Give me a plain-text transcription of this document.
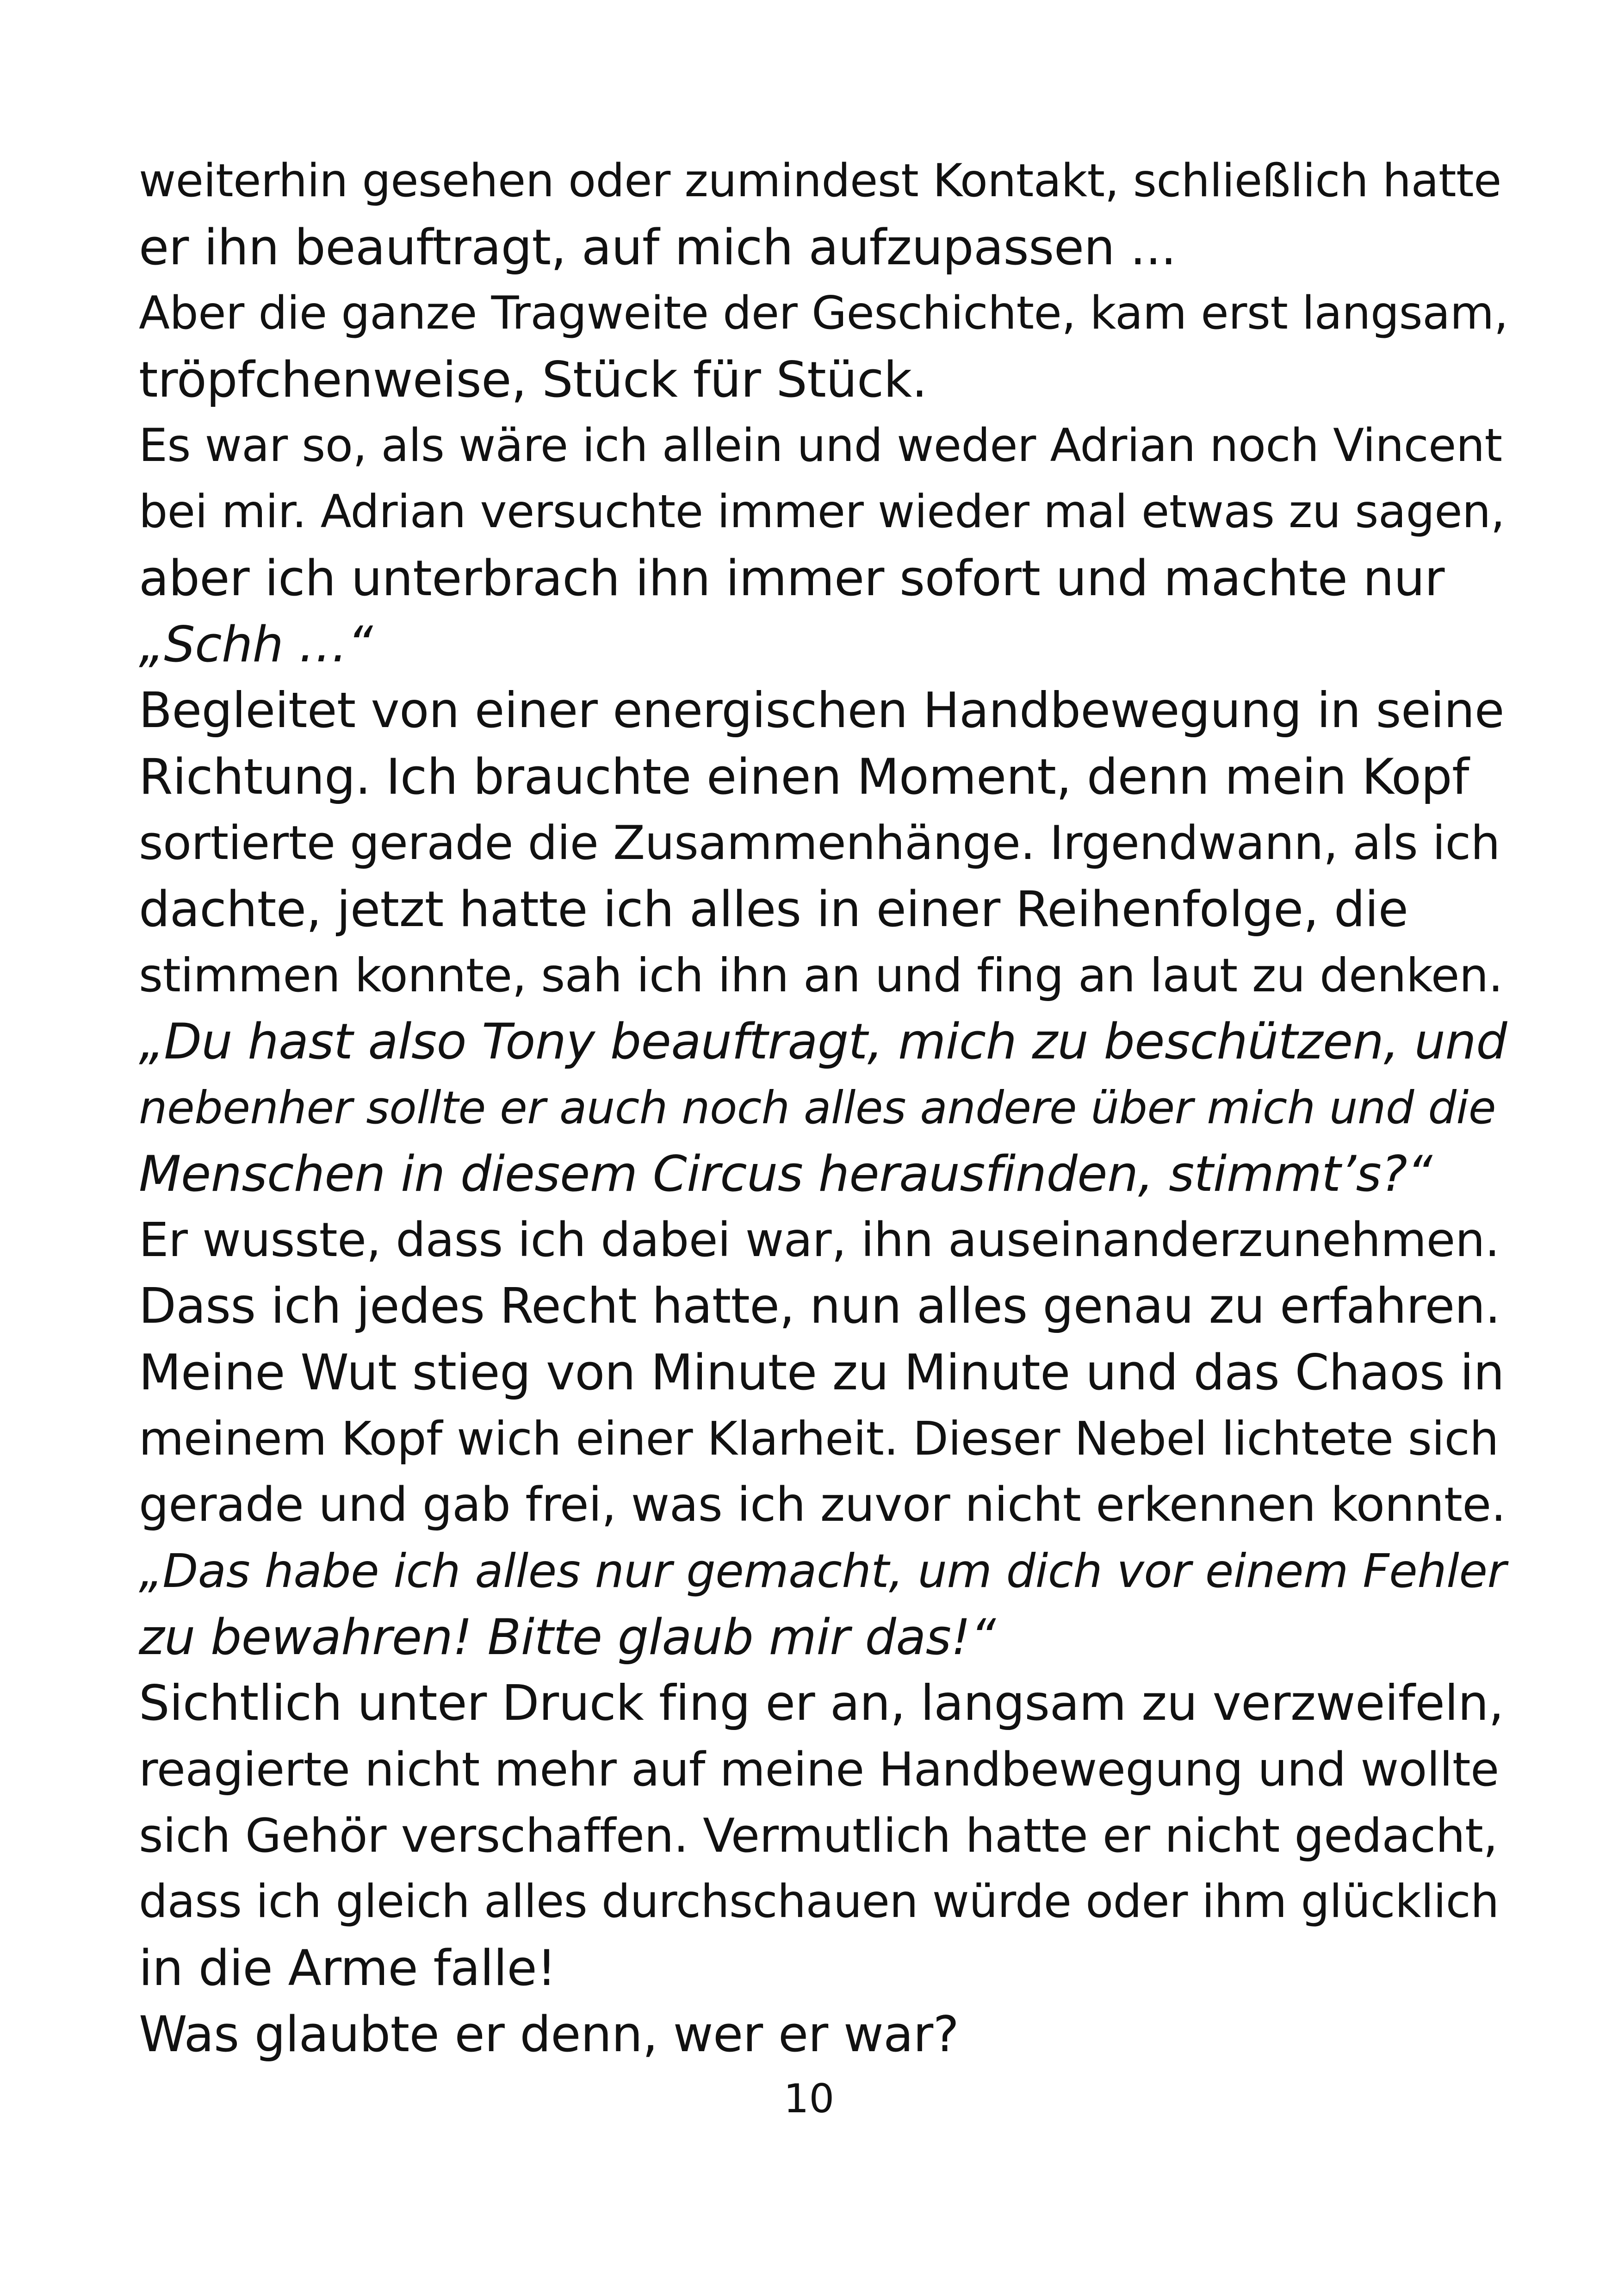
weiterhin gesehen oder zumindest Kontakt, schließlich hatte
er ihn beauftragt, auf mich aufzupassen ...
Aber die ganze Tragweite der Geschichte, kam erst langsam,
tröpfchenweise, Stück für Stück.
Es war so, als wäre ich allein und weder Adrian noch Vincent
bei mir. Adrian versuchte immer wieder mal etwas zu sagen,
aber ich unterbrach ihn immer sofort und machte nur
„Schh …“
Begleitet von einer energischen Handbewegung in seine
Richtung. Ich brauchte einen Moment, denn mein Kopf
sortierte gerade die Zusammenhänge. Irgendwann, als ich
dachte, jetzt hatte ich alles in einer Reihenfolge, die
stimmen konnte, sah ich ihn an und fing an laut zu denken.
„Du hast also Tony beauftragt, mich zu beschützen, und
nebenher sollte er auch noch alles andere über mich und die
Menschen in diesem Circus herausfinden, stimmt’s?“
Er wusste, dass ich dabei war, ihn auseinanderzunehmen.
Dass ich jedes Recht hatte, nun alles genau zu erfahren.
Meine Wut stieg von Minute zu Minute und das Chaos in
meinem Kopf wich einer Klarheit. Dieser Nebel lichtete sich
gerade und gab frei, was ich zuvor nicht erkennen konnte.
„Das habe ich alles nur gemacht, um dich vor einem Fehler
zu bewahren! Bitte glaub mir das!“
Sichtlich unter Druck fing er an, langsam zu verzweifeln,
reagierte nicht mehr auf meine Handbewegung und wollte
sich Gehör verschaffen. Vermutlich hatte er nicht gedacht,
dass ich gleich alles durchschauen würde oder ihm glücklich
in die Arme falle!
Was glaubte er denn, wer er war?
10
